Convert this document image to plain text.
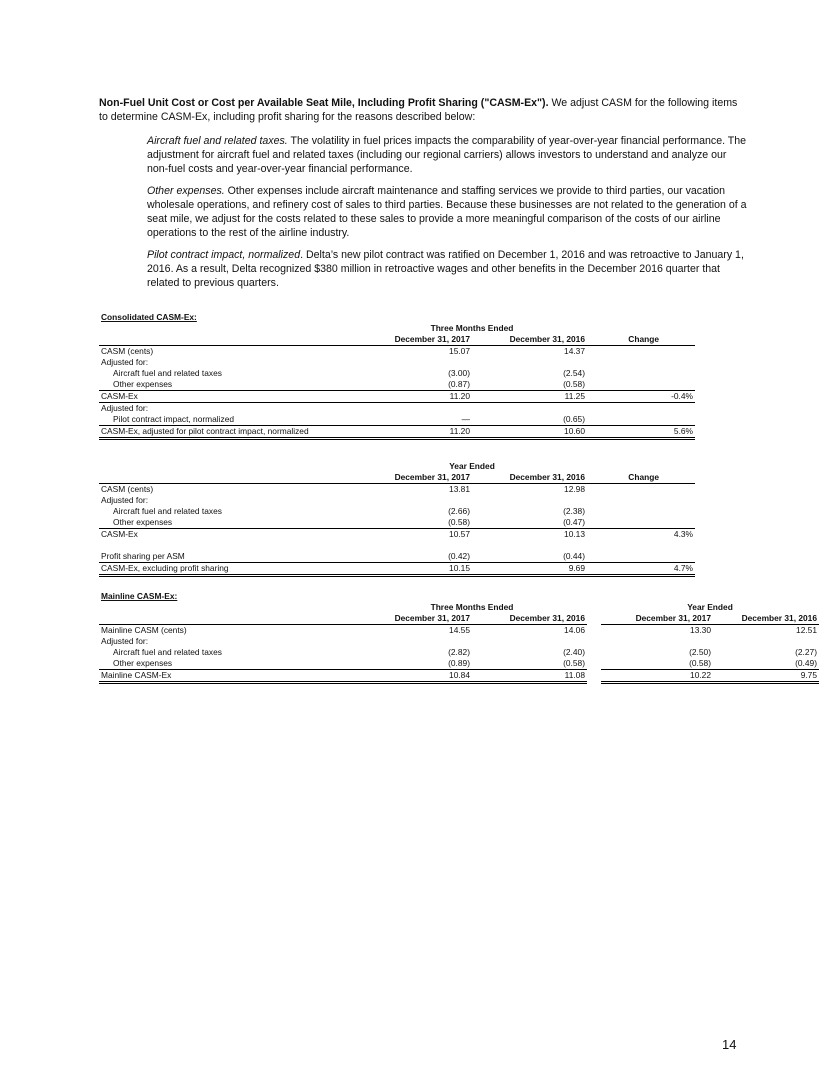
Non-Fuel Unit Cost or Cost per Available Seat Mile, Including Profit Sharing ("CASM-Ex"). We adjust CASM for the following items to determine CASM-Ex, including profit sharing for the reasons described below:

Aircraft fuel and related taxes. The volatility in fuel prices impacts the comparability of year-over-year financial performance. The adjustment for aircraft fuel and related taxes (including our regional carriers) allows investors to understand and analyze our non-fuel costs and year-over-year financial performance.

Other expenses. Other expenses include aircraft maintenance and staffing services we provide to third parties, our vacation wholesale operations, and refinery cost of sales to third parties. Because these businesses are not related to the generation of a seat mile, we adjust for the costs related to these sales to provide a more meaningful comparison of the costs of our airline operations to the rest of the airline industry.

Pilot contract impact, normalized. Delta’s new pilot contract was ratified on December 1, 2016 and was retroactive to January 1, 2016. As a result, Delta recognized $380 million in retroactive wages and other benefits in the December 2016 quarter that related to previous quarters.

Consolidated CASM-Ex:

	Three Months Ended		
	December 31, 2017	December 31, 2016	Change
CASM (cents)	15.07	14.37	
Adjusted for:			
Aircraft fuel and related taxes	(3.00)	(2.54)	
Other expenses	(0.87)	(0.58)	
CASM-Ex	11.20	11.25	-0.4%
Adjusted for:			
Pilot contract impact, normalized	—	(0.65)	
CASM-Ex, adjusted for pilot contract impact, normalized	11.20	10.60	5.6%
	Year Ended		
	December 31, 2017	December 31, 2016	Change
CASM (cents)	13.81	12.98	
Adjusted for:			
Aircraft fuel and related taxes	(2.66)	(2.38)	
Other expenses	(0.58)	(0.47)	
CASM-Ex	10.57	10.13	4.3%

Profit sharing per ASM	(0.42)	(0.44)	
CASM-Ex, excluding profit sharing	10.15	9.69	4.7%

Mainline CASM-Ex:

	Three Months Ended			Year Ended	
	December 31, 2017	December 31, 2016		December 31, 2017	December 31, 2016
Mainline CASM (cents)	14.55	14.06		13.30	12.51
Adjusted for:					
Aircraft fuel and related taxes	(2.82)	(2.40)		(2.50)	(2.27)
Other expenses	(0.89)	(0.58)		(0.58)	(0.49)
Mainline CASM-Ex	10.84	11.08		10.22	9.75
14
